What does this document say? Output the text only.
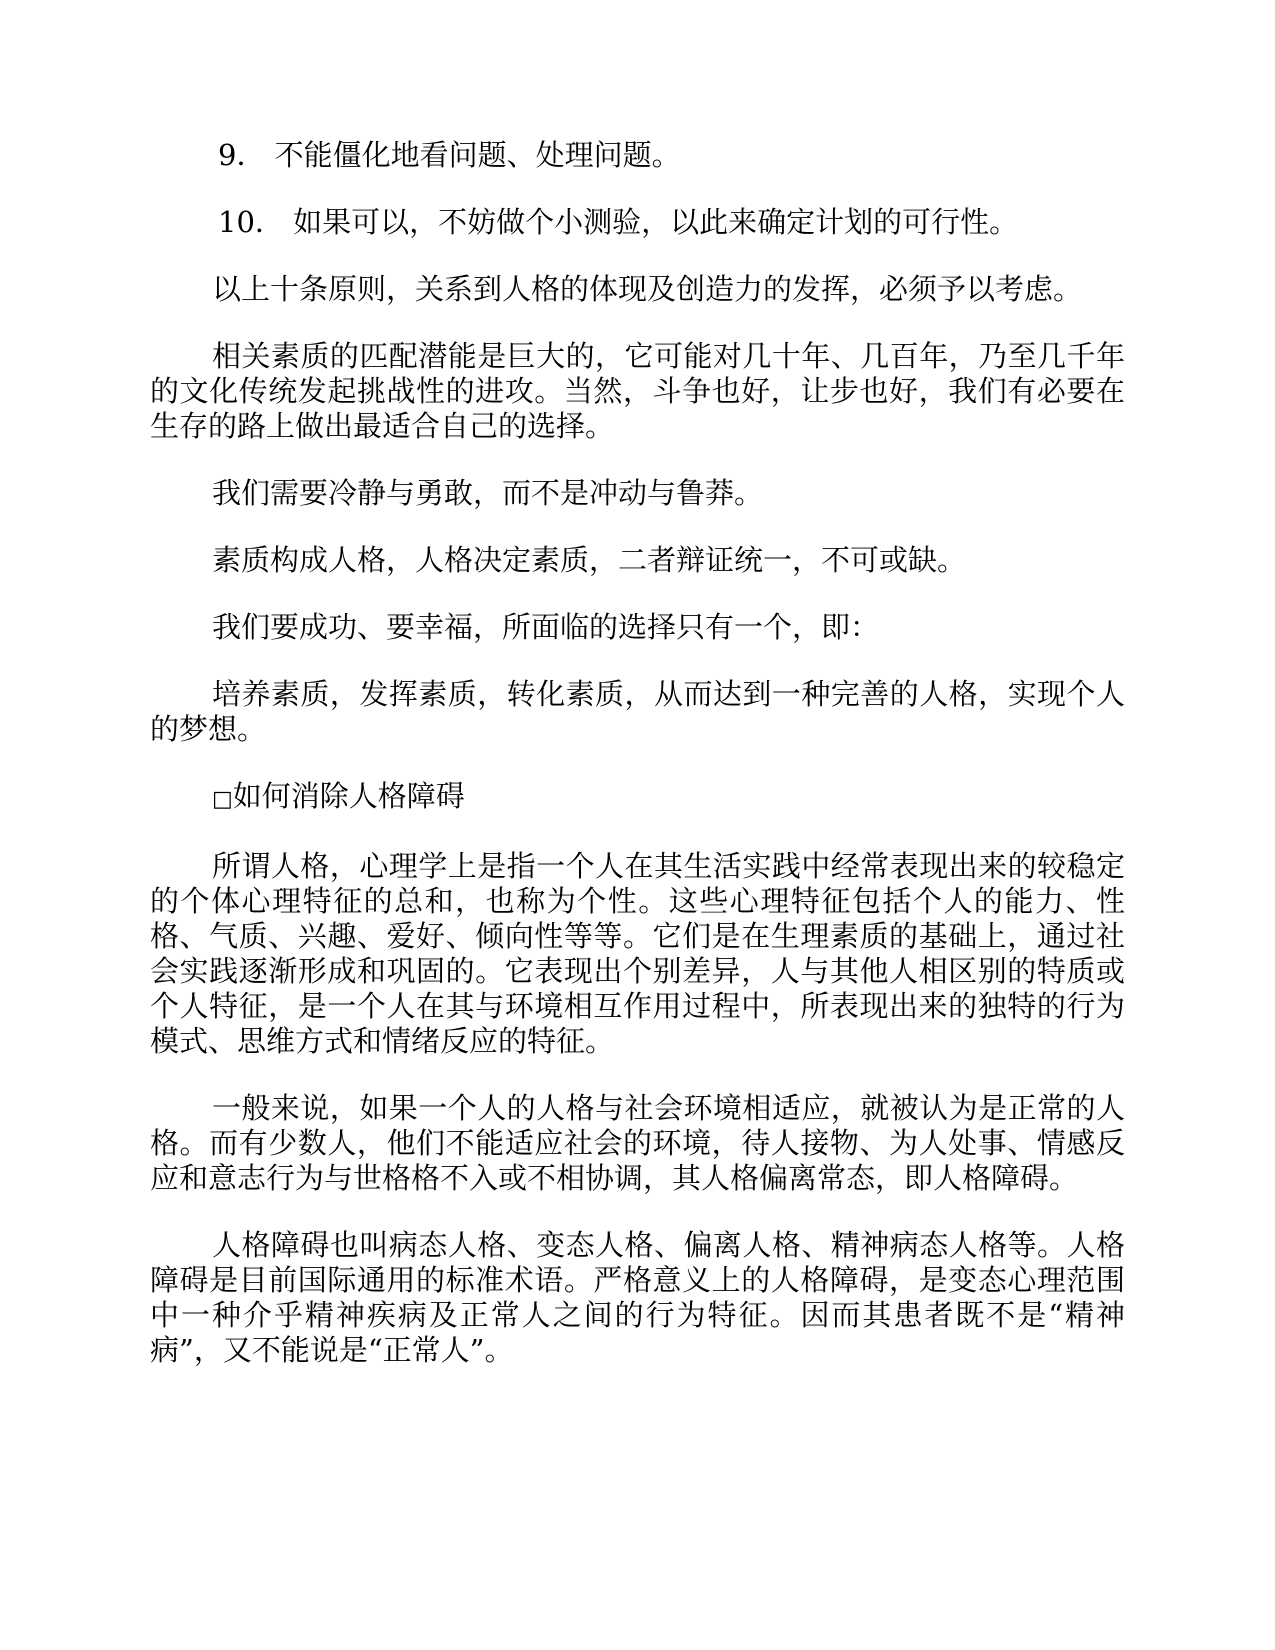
9． 不能僵化地看问题、处理问题。

10． 如果可以，不妨做个小测验，以此来确定计划的可行性。

以上十条原则，关系到人格的体现及创造力的发挥，必须予以考虑。

相关素质的匹配潜能是巨大的，它可能对几十年、几百年，乃至几千年的文化传统发起挑战性的进攻。当然，斗争也好，让步也好，我们有必要在生存的路上做出最适合自己的选择。

我们需要冷静与勇敢，而不是冲动与鲁莽。

素质构成人格，人格决定素质，二者辩证统一，不可或缺。

我们要成功、要幸福，所面临的选择只有一个，即：

培养素质，发挥素质，转化素质，从而达到一种完善的人格，实现个人的梦想。

□如何消除人格障碍

所谓人格，心理学上是指一个人在其生活实践中经常表现出来的较稳定的个体心理特征的总和，也称为个性。这些心理特征包括个人的能力、性格、气质、兴趣、爱好、倾向性等等。它们是在生理素质的基础上，通过社会实践逐渐形成和巩固的。它表现出个别差异，人与其他人相区别的特质或个人特征，是一个人在其与环境相互作用过程中，所表现出来的独特的行为模式、思维方式和情绪反应的特征。

一般来说，如果一个人的人格与社会环境相适应，就被认为是正常的人格。而有少数人，他们不能适应社会的环境，待人接物、为人处事、情感反应和意志行为与世格格不入或不相协调，其人格偏离常态，即人格障碍。

人格障碍也叫病态人格、变态人格、偏离人格、精神病态人格等。人格障碍是目前国际通用的标准术语。严格意义上的人格障碍，是变态心理范围中一种介乎精神疾病及正常人之间的行为特征。因而其患者既不是“精神病”，又不能说是“正常人”。
